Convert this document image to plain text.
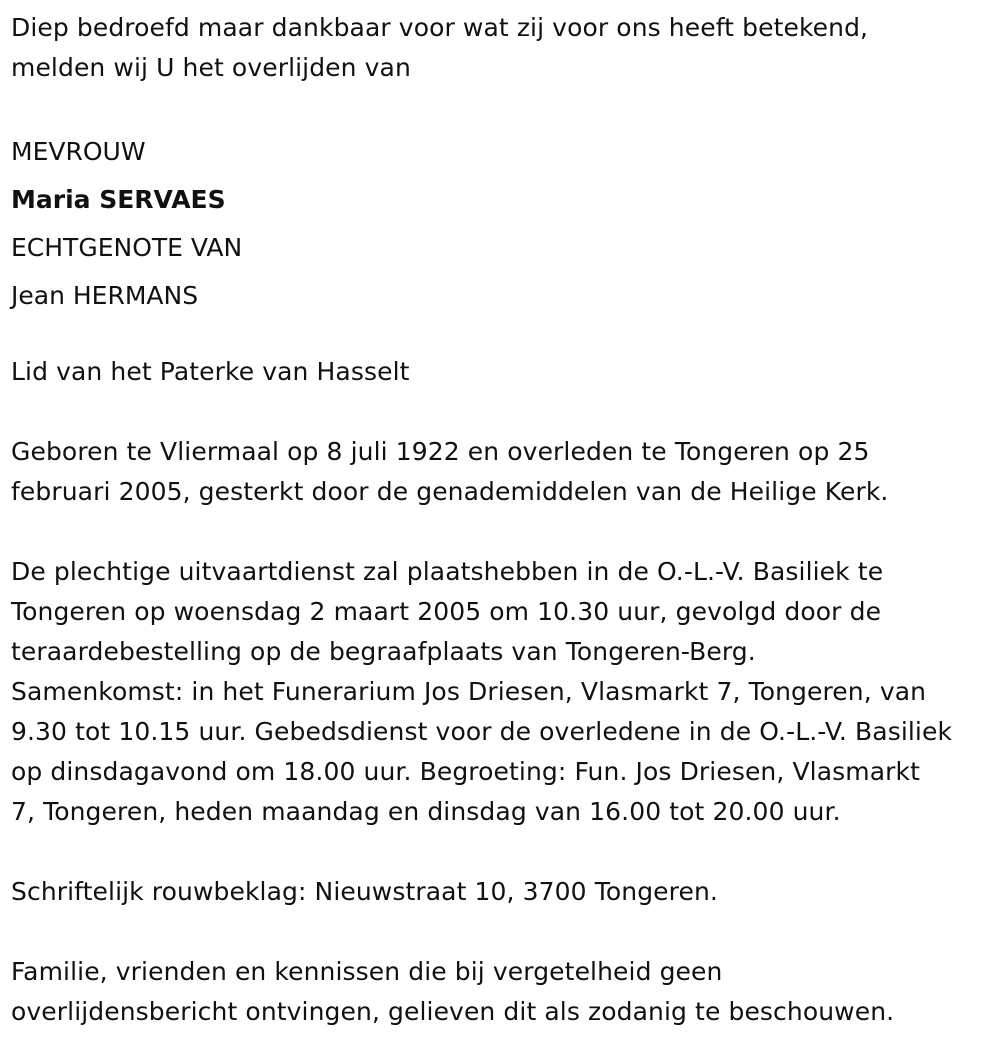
Diep bedroefd maar dankbaar voor wat zij voor ons heeft betekend,

melden wij U het overlijden van

MEVROUW

Maria SERVAES

ECHTGENOTE VAN

Jean HERMANS

Lid van het Paterke van Hasselt

Geboren te Vliermaal op 8 juli 1922 en overleden te Tongeren op 25

februari 2005, gesterkt door de genademiddelen van de Heilige Kerk.

De plechtige uitvaartdienst zal plaatshebben in de O.-L.-V. Basiliek te

Tongeren op woensdag 2 maart 2005 om 10.30 uur, gevolgd door de

teraardebestelling op de begraafplaats van Tongeren-Berg.

Samenkomst: in het Funerarium Jos Driesen, Vlasmarkt 7, Tongeren, van

9.30 tot 10.15 uur. Gebedsdienst voor de overledene in de O.-L.-V. Basiliek

op dinsdagavond om 18.00 uur. Begroeting: Fun. Jos Driesen, Vlasmarkt

7, Tongeren, heden maandag en dinsdag van 16.00 tot 20.00 uur.

Schriftelijk rouwbeklag: Nieuwstraat 10, 3700 Tongeren.

Familie, vrienden en kennissen die bij vergetelheid geen

overlijdensbericht ontvingen, gelieven dit als zodanig te beschouwen.
